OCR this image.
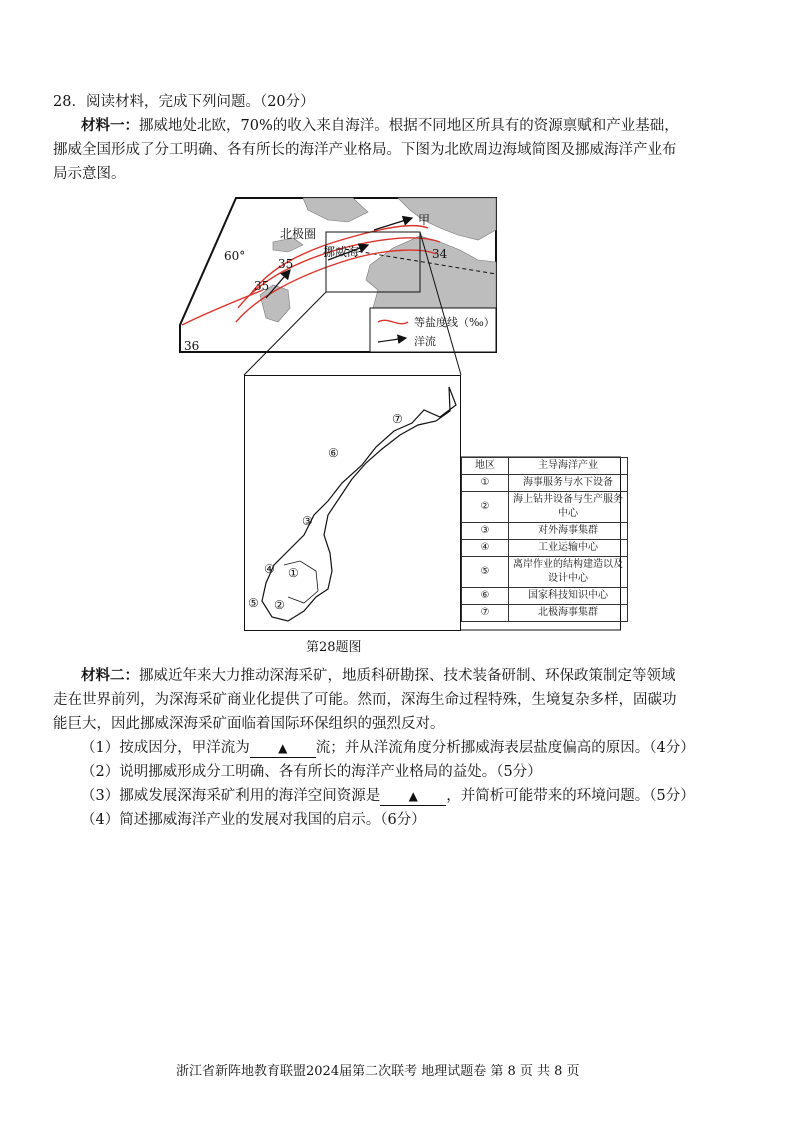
28．阅读材料，完成下列问题。（20分）
材料一：挪威地处北欧，70%的收入来自海洋。根据不同地区所具有的资源禀赋和产业基础，
挪威全国形成了分工明确、各有所长的海洋产业格局。下图为北欧周边海域简图及挪威海洋产业布
局示意图。
60°
北极圈
挪威海
甲
35
35
34
36
等盐度线（‰）
洋流
①
②
③
④
⑤
⑥
⑦
地区	主导海洋产业
①	海事服务与水下设备
②	海上钻井设备与生产服务中心
③	对外海事集群
④	工业运输中心
⑤	离岸作业的结构建造以及设计中心
⑥	国家科技知识中心
⑦	北极海事集群
第28题图
材料二：挪威近年来大力推动深海采矿，地质科研勘探、技术装备研制、环保政策制定等领域
走在世界前列，为深海采矿商业化提供了可能。然而，深海生命过程特殊，生境复杂多样，固碳功
能巨大，因此挪威深海采矿面临着国际环保组织的强烈反对。
（1）按成因分，甲洋流为 ▲ 流；并从洋流角度分析挪威海表层盐度偏高的原因。（4分）
（2）说明挪威形成分工明确、各有所长的海洋产业格局的益处。（5分）
（3）挪威发展深海采矿利用的海洋空间资源是 ▲ ，并简析可能带来的环境问题。（5分）
（4）简述挪威海洋产业的发展对我国的启示。（6分）
浙江省新阵地教育联盟2024届第二次联考 地理试题卷 第 8 页 共 8 页
